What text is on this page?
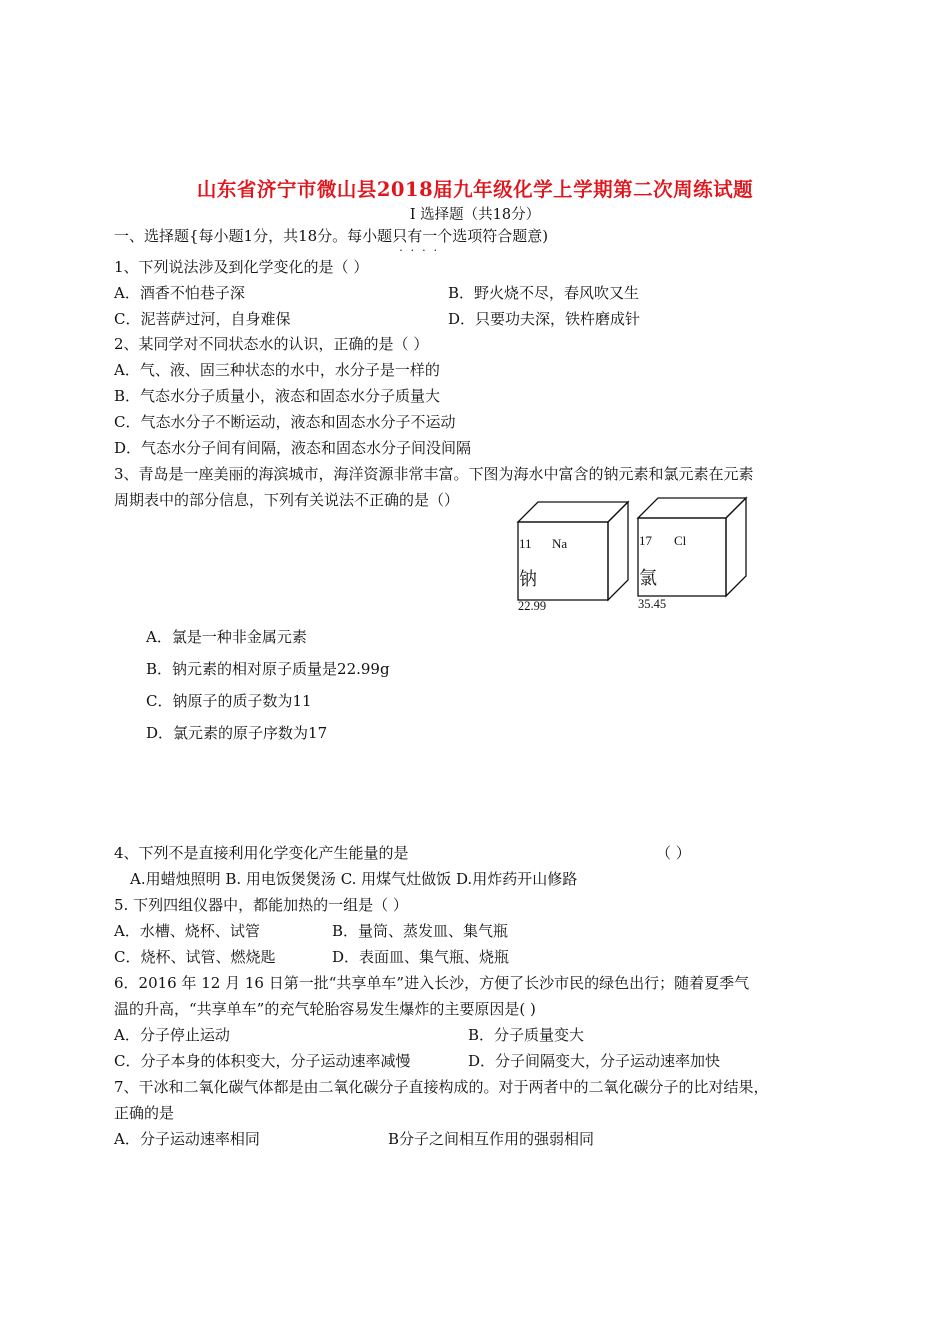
山东省济宁市微山县2018届九年级化学上学期第二次周练试题
Ⅰ 选择题（共18分）
一、选择题{每小题1分，共18分。每小题只有一个
····
选项符合题意)
1、下列说法涉及到化学变化的是（ ）
A．酒香不怕巷子深	B．野火烧不尽，春风吹又生
C．泥菩萨过河，自身难保	D．只要功夫深，铁杵磨成针
2、某同学对不同状态水的认识，正确的是（ ）
A．气、液、固三种状态的水中，水分子是一样的
B．气态水分子质量小，液态和固态水分子质量大
C．气态水分子不断运动，液态和固态水分子不运动
D．气态水分子间有间隔，液态和固态水分子间没间隔
3、青岛是一座美丽的海滨城市，海洋资源非常丰富。下图为海水中富含的钠元素和氯元素在元素
周期表中的部分信息，下列有关说法不正确的是（）
11 Na
钠
22.99
17 Cl
氯
35.45
A．氯是一种非金属元素
B．钠元素的相对原子质量是22.99g
C．钠原子的质子数为11
D．氯元素的原子序数为17
4、下列不是直接利用化学变化产生能量的是	（ ）
A.用蜡烛照明 B. 用电饭煲煲汤 C. 用煤气灶做饭 D.用炸药开山修路
5. 下列四组仪器中，都能加热的一组是（ ）
A．水槽、烧杯、试管	B．量筒、蒸发皿、集气瓶
C．烧杯、试管、燃烧匙	D．表面皿、集气瓶、烧瓶
6．2016 年 12 月 16 日第一批“共享单车”进入长沙，方便了长沙市民的绿色出行；随着夏季气
温的升高，“共享单车”的充气轮胎容易发生爆炸的主要原因是( )
A．分子停止运动	B．分子质量变大
C．分子本身的体积变大，分子运动速率减慢	D．分子间隔变大，分子运动速率加快
7、干冰和二氧化碳气体都是由二氧化碳分子直接构成的。对于两者中的二氧化碳分子的比对结果，
正确的是
A．分子运动速率相同	B分子之间相互作用的强弱相同
